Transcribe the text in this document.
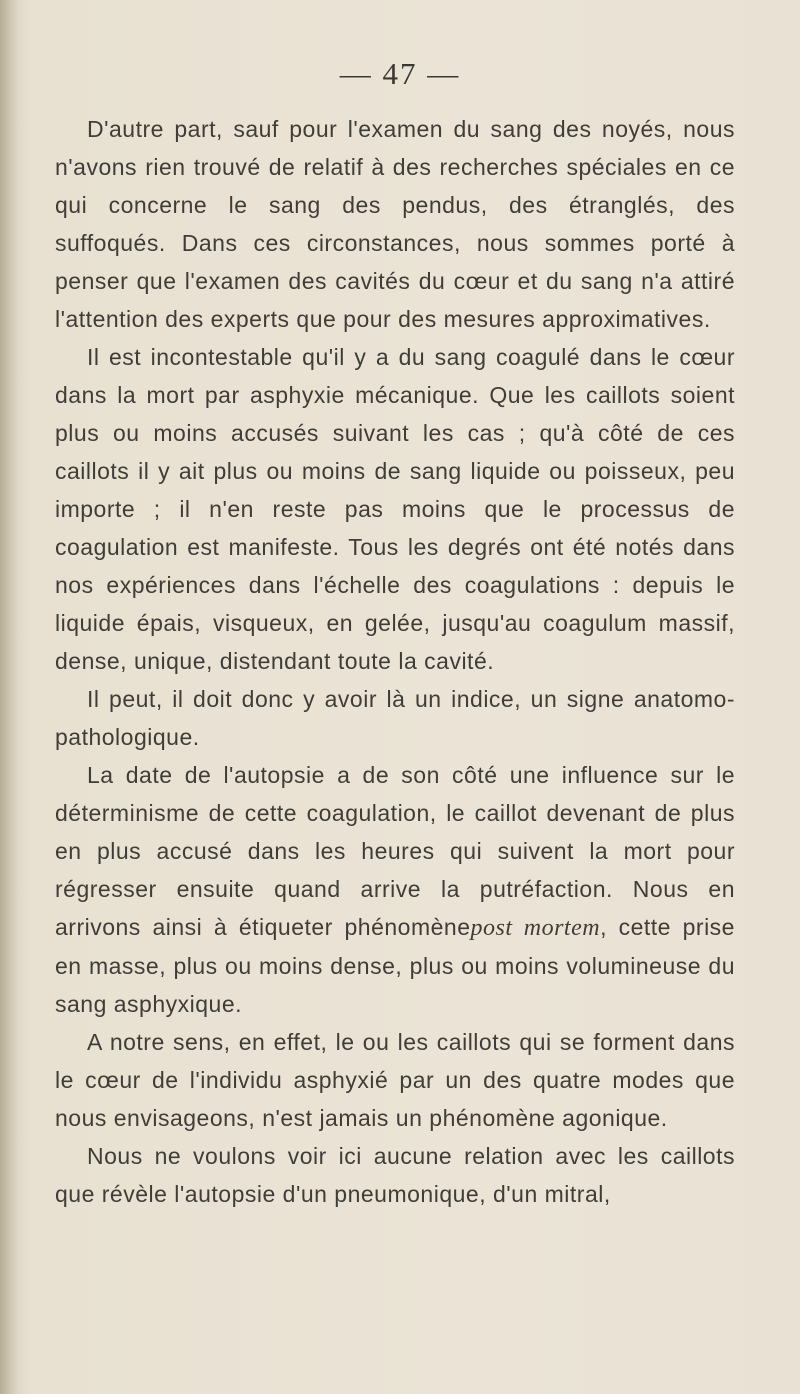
— 47 —

D'autre part, sauf pour l'examen du sang des noyés, nous n'avons rien trouvé de relatif à des recherches spéciales en ce qui concerne le sang des pendus, des étranglés, des suffoqués. Dans ces circonstances, nous sommes porté à penser que l'examen des cavités du cœur et du sang n'a attiré l'attention des experts que pour des mesures approximatives.

Il est incontestable qu'il y a du sang coagulé dans le cœur dans la mort par asphyxie mécanique. Que les caillots soient plus ou moins accusés suivant les cas ; qu'à côté de ces caillots il y ait plus ou moins de sang liquide ou poisseux, peu importe ; il n'en reste pas moins que le processus de coagulation est manifeste. Tous les degrés ont été notés dans nos expériences dans l'échelle des coagulations : depuis le liquide épais, visqueux, en gelée, jusqu'au coagulum massif, dense, unique, distendant toute la cavité.

Il peut, il doit donc y avoir là un indice, un signe anatomo-pathologique.

La date de l'autopsie a de son côté une influence sur le déterminisme de cette coagulation, le caillot devenant de plus en plus accusé dans les heures qui suivent la mort pour régresser ensuite quand arrive la putréfaction. Nous en arrivons ainsi à étiqueter phénomènepost mortem, cette prise en masse, plus ou moins dense, plus ou moins volumineuse du sang asphyxique.

A notre sens, en effet, le ou les caillots qui se forment dans le cœur de l'individu asphyxié par un des quatre modes que nous envisageons, n'est jamais un phénomène agonique.

Nous ne voulons voir ici aucune relation avec les caillots que révèle l'autopsie d'un pneumonique, d'un mitral,
